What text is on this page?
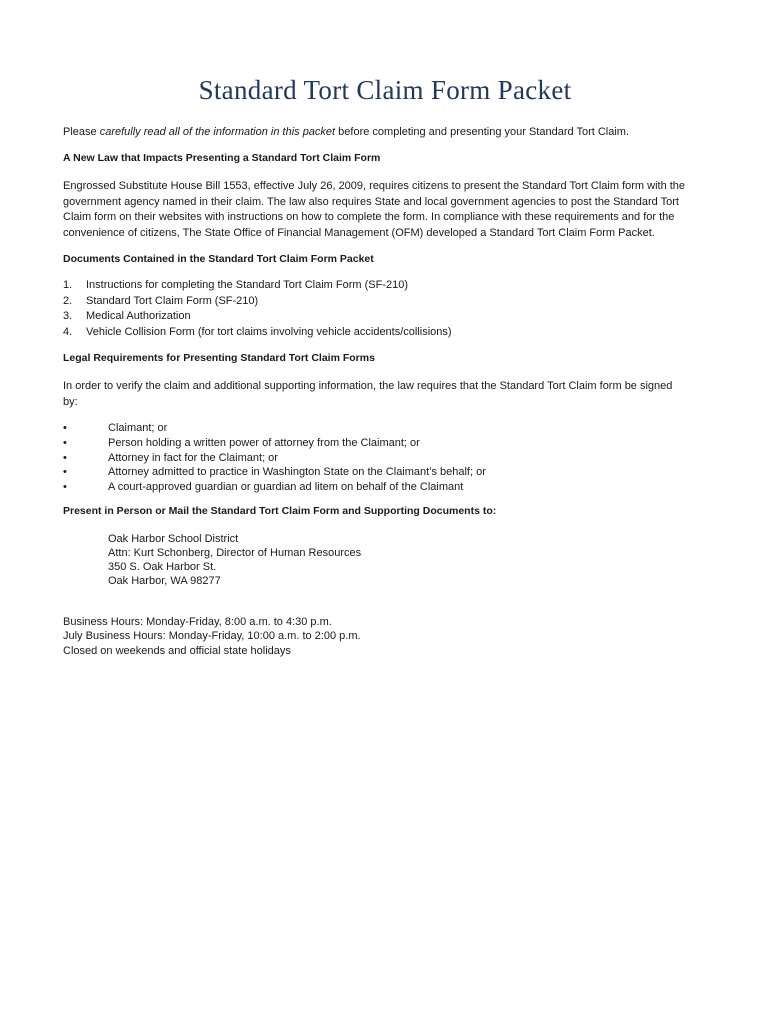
Standard Tort Claim Form Packet

Please carefully read all of the information in this packet before completing and presenting your Standard Tort Claim.

A New Law that Impacts Presenting a Standard Tort Claim Form

Engrossed Substitute House Bill 1553, effective July 26, 2009, requires citizens to present the Standard Tort Claim form with the government agency named in their claim. The law also requires State and local government agencies to post the Standard Tort Claim form on their websites with instructions on how to complete the form. In compliance with these requirements and for the convenience of citizens, The State Office of Financial Management (OFM) developed a Standard Tort Claim Form Packet.

Documents Contained in the Standard Tort Claim Form Packet

1. Instructions for completing the Standard Tort Claim Form (SF-210)
2. Standard Tort Claim Form (SF-210)
3. Medical Authorization
4. Vehicle Collision Form (for tort claims involving vehicle accidents/collisions)

Legal Requirements for Presenting Standard Tort Claim Forms

In order to verify the claim and additional supporting information, the law requires that the Standard Tort Claim form be signed by:

•	Claimant; or
•	Person holding a written power of attorney from the Claimant; or
•	Attorney in fact for the Claimant; or
•	Attorney admitted to practice in Washington State on the Claimant’s behalf; or
•	A court-approved guardian or guardian ad litem on behalf of the Claimant

Present in Person or Mail the Standard Tort Claim Form and Supporting Documents to:

Oak Harbor School District
Attn: Kurt Schonberg, Director of Human Resources
350 S. Oak Harbor St.
Oak Harbor, WA 98277
Business Hours: Monday-Friday, 8:00 a.m. to 4:30 p.m.
July Business Hours: Monday-Friday, 10:00 a.m. to 2:00 p.m.
Closed on weekends and official state holidays
